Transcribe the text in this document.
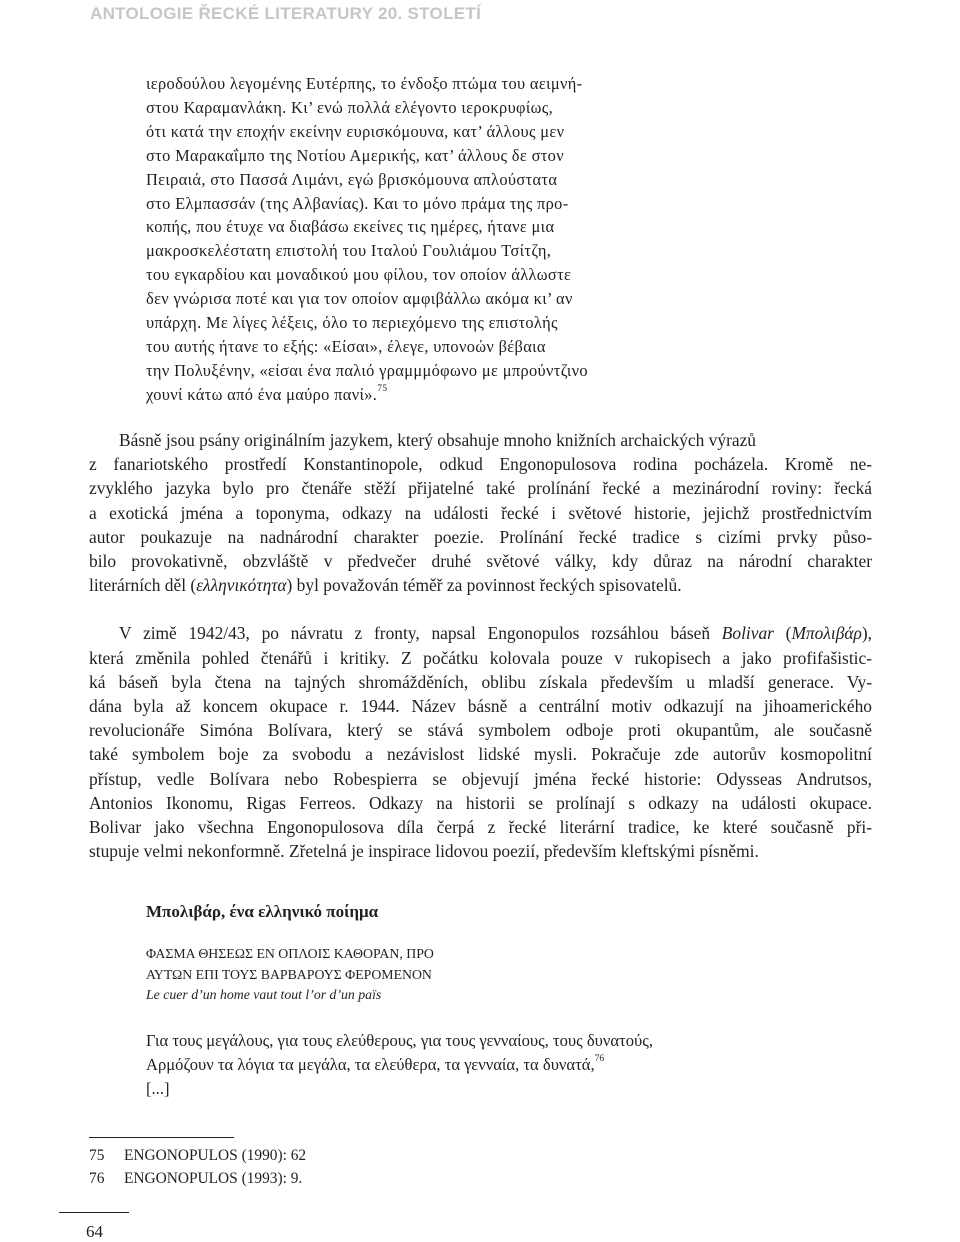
ANTOLOGIE ŘECKÉ LITERATURY 20. STOLETÍ
ιεροδούλου λεγομένης Ευτέρπης, το ένδοξο πτώμα του αειμνή-
στου Καραμανλάκη. Κι’ ενώ πολλά ελέγοντο ιεροκρυφίως,
ότι κατά την εποχήν εκείνην ευρισκόμουνα, κατ’ άλλους μεν
στο Μαρακαΐμπο της Νοτίου Αμερικής, κατ’ άλλους δε στον
Πειραιά, στο Πασσά Λιμάνι, εγώ βρισκόμουνα απλούστατα
στο Ελμπασσάν (της Αλβανίας). Και το μόνο πράμα της προ-
κοπής, που έτυχε να διαβάσω εκείνες τις ημέρες, ήτανε μια
μακροσκελέστατη επιστολή του Ιταλού Γουλιάμου Τσίτζη,
του εγκαρδίου και μοναδικού μου φίλου, τον οποίον άλλωστε
δεν γνώρισα ποτέ και για τον οποίον αμφιβάλλω ακόμα κι’ αν
υπάρχη. Με λίγες λέξεις, όλο το περιεχόμενο της επιστολής
του αυτής ήτανε το εξής: «Είσαι», έλεγε, υπονοών βέβαια
την Πολυξένην, «είσαι ένα παλιό γραμμμόφωνο με μπρούντζινο
χουνί κάτω από ένα μαύρο πανί».$^{75}$

Básně jsou psány originálním jazykem, který obsahuje mnoho knižních archaických výrazů
z fanariotského prostředí Konstantinopole, odkud Engonopulosova rodina pocházela. Kromě ne-
zvyklého jazyka bylo pro čtenáře stěží přijatelné také prolínání řecké a mezinárodní roviny: řecká
a exotická jména a toponyma, odkazy na události řecké i světové historie, jejichž prostřednictvím
autor poukazuje na nadnárodní charakter poezie. Prolínání řecké tradice s cizími prvky půso-
bilo provokativně, obzvláště v předvečer druhé světové války, kdy důraz na národní charakter
literárních děl (ελληνικότητα) byl považován téměř za povinnost řeckých spisovatelů.

V zimě 1942/43, po návratu z fronty, napsal Engonopulos rozsáhlou báseň Bolivar (Μπολιβάρ),
která změnila pohled čtenářů i kritiky. Z počátku kolovala pouze v rukopisech a jako profifašistic-
ká báseň byla čtena na tajných shromážděních, oblibu získala především u mladší generace. Vy-
dána byla až koncem okupace r. 1944. Název básně a centrální motiv odkazují na jihoamerického
revolucionáře Simóna Bolívara, který se stává symbolem odboje proti okupantům, ale současně
také symbolem boje za svobodu a nezávislost lidské mysli. Pokračuje zde autorův kosmopolitní
přístup, vedle Bolívara nebo Robespierra se objevují jména řecké historie: Odysseas Andrutsos,
Antonios Ikonomu, Rigas Ferreos. Odkazy na historii se prolínají s odkazy na události okupace.
Bolivar jako všechna Engonopulosova díla čerpá z řecké literární tradice, ke které současně při-
stupuje velmi nekonformně. Zřetelná je inspirace lidovou poezií, především kleftskými písněmi.

Μπολιβάρ, ένα ελληνικό ποίημα
ΦΑΣΜΑ ΘΗΣΕΩΣ ΕΝ ΟΠΛΟΙΣ ΚΑΘΟΡΑΝ, ΠΡΟ
ΑΥΤΩΝ ΕΠΙ ΤΟΥΣ ΒΑΡΒΑΡΟΥΣ ΦΕΡΟΜΕΝΟΝ
Le cuer d’un home vaut tout l’or d’un païs
Για τους μεγάλους, για τους ελεύθερους, για τους γενναίους, τους δυνατούς,
Αρμόζουν τα λόγια τα μεγάλα, τα ελεύθερα, τα γενναία, τα δυνατά,$^{76}$
[...]
75 ENGONOPULOS (1990): 62
76 ENGONOPULOS (1993): 9.
64
